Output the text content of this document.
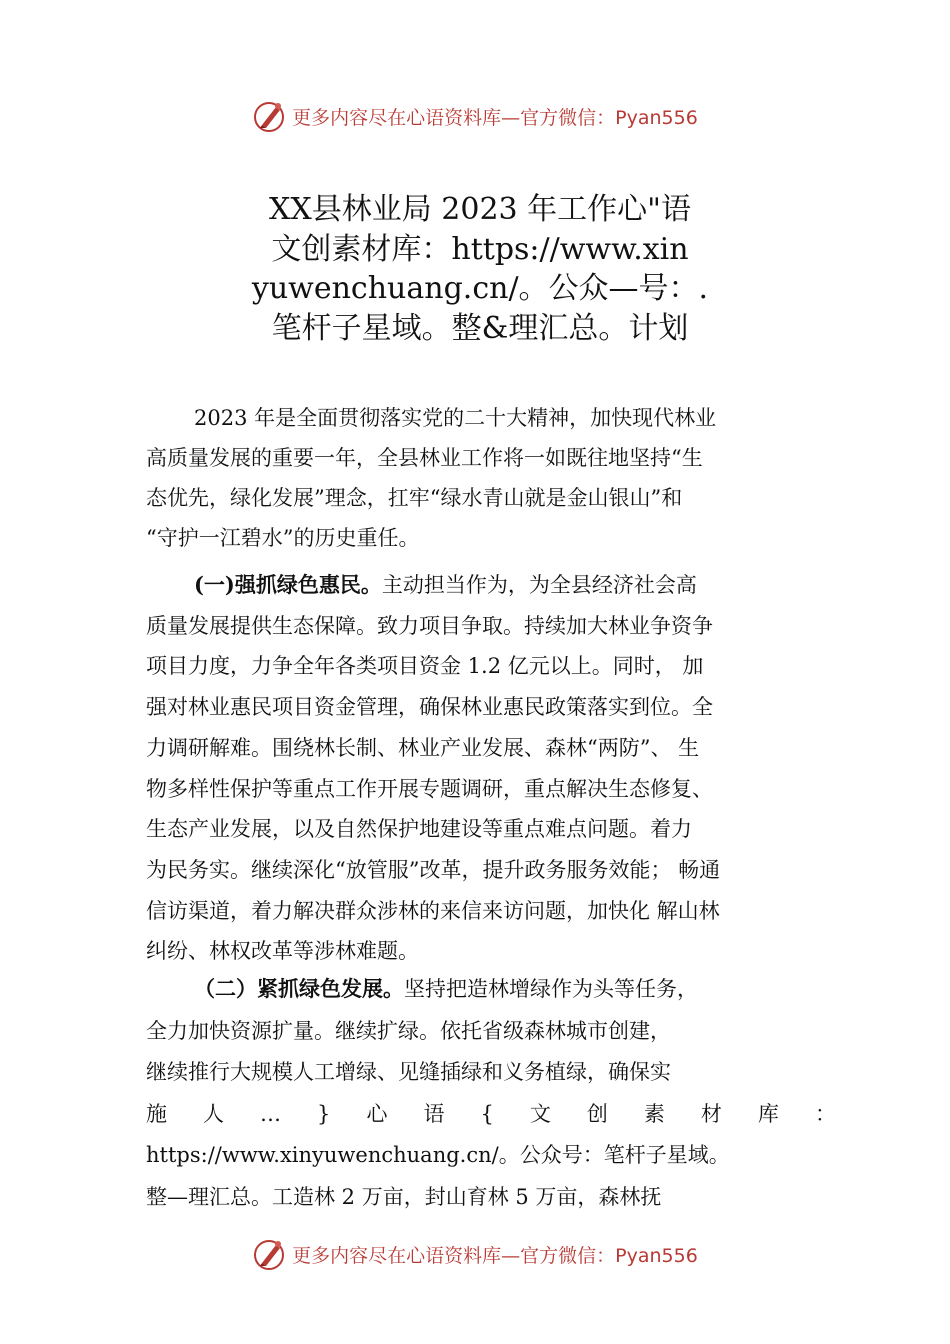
更多内容尽在心语资料库—官方微信：Pyan556
XX县林业局 2023 年工作心"语
文创素材库：https://www.xin
yuwenchuang.cn/。公众—号：.
笔杆子星域。整&理汇总。计划
2023 年是全面贯彻落实党的二十大精神，加快现代林业
高质量发展的重要一年，全县林业工作将一如既往地坚持“生
态优先，绿化发展”理念，扛牢“绿水青山就是金山银山”和
“守护一江碧水”的历史重任。
(一)强抓绿色惠民。主动担当作为，为全县经济社会高
质量发展提供生态保障。致力项目争取。持续加大林业争资争
项目力度，力争全年各类项目资金 1.2 亿元以上。同时， 加
强对林业惠民项目资金管理，确保林业惠民政策落实到位。全
力调研解难。围绕林长制、林业产业发展、森林“两防”、 生
物多样性保护等重点工作开展专题调研，重点解决生态修复、
生态产业发展，以及自然保护地建设等重点难点问题。着力
为民务实。继续深化“放管服”改革，提升政务服务效能； 畅通
信访渠道，着力解决群众涉林的来信来访问题，加快化 解山林
纠纷、林权改革等涉林难题。
（二）紧抓绿色发展。坚持把造林增绿作为头等任务，
全力加快资源扩量。继续扩绿。依托省级森林城市创建，
继续推行大规模人工增绿、见缝插绿和义务植绿，确保实
施 人 … } 心 语 { 文 创 素 材 库 ：
https://www.xinyuwenchuang.cn/。公众号：笔杆子星域。
整—理汇总。工造林 2 万亩，封山育林 5 万亩，森林抚
更多内容尽在心语资料库—官方微信：Pyan556
